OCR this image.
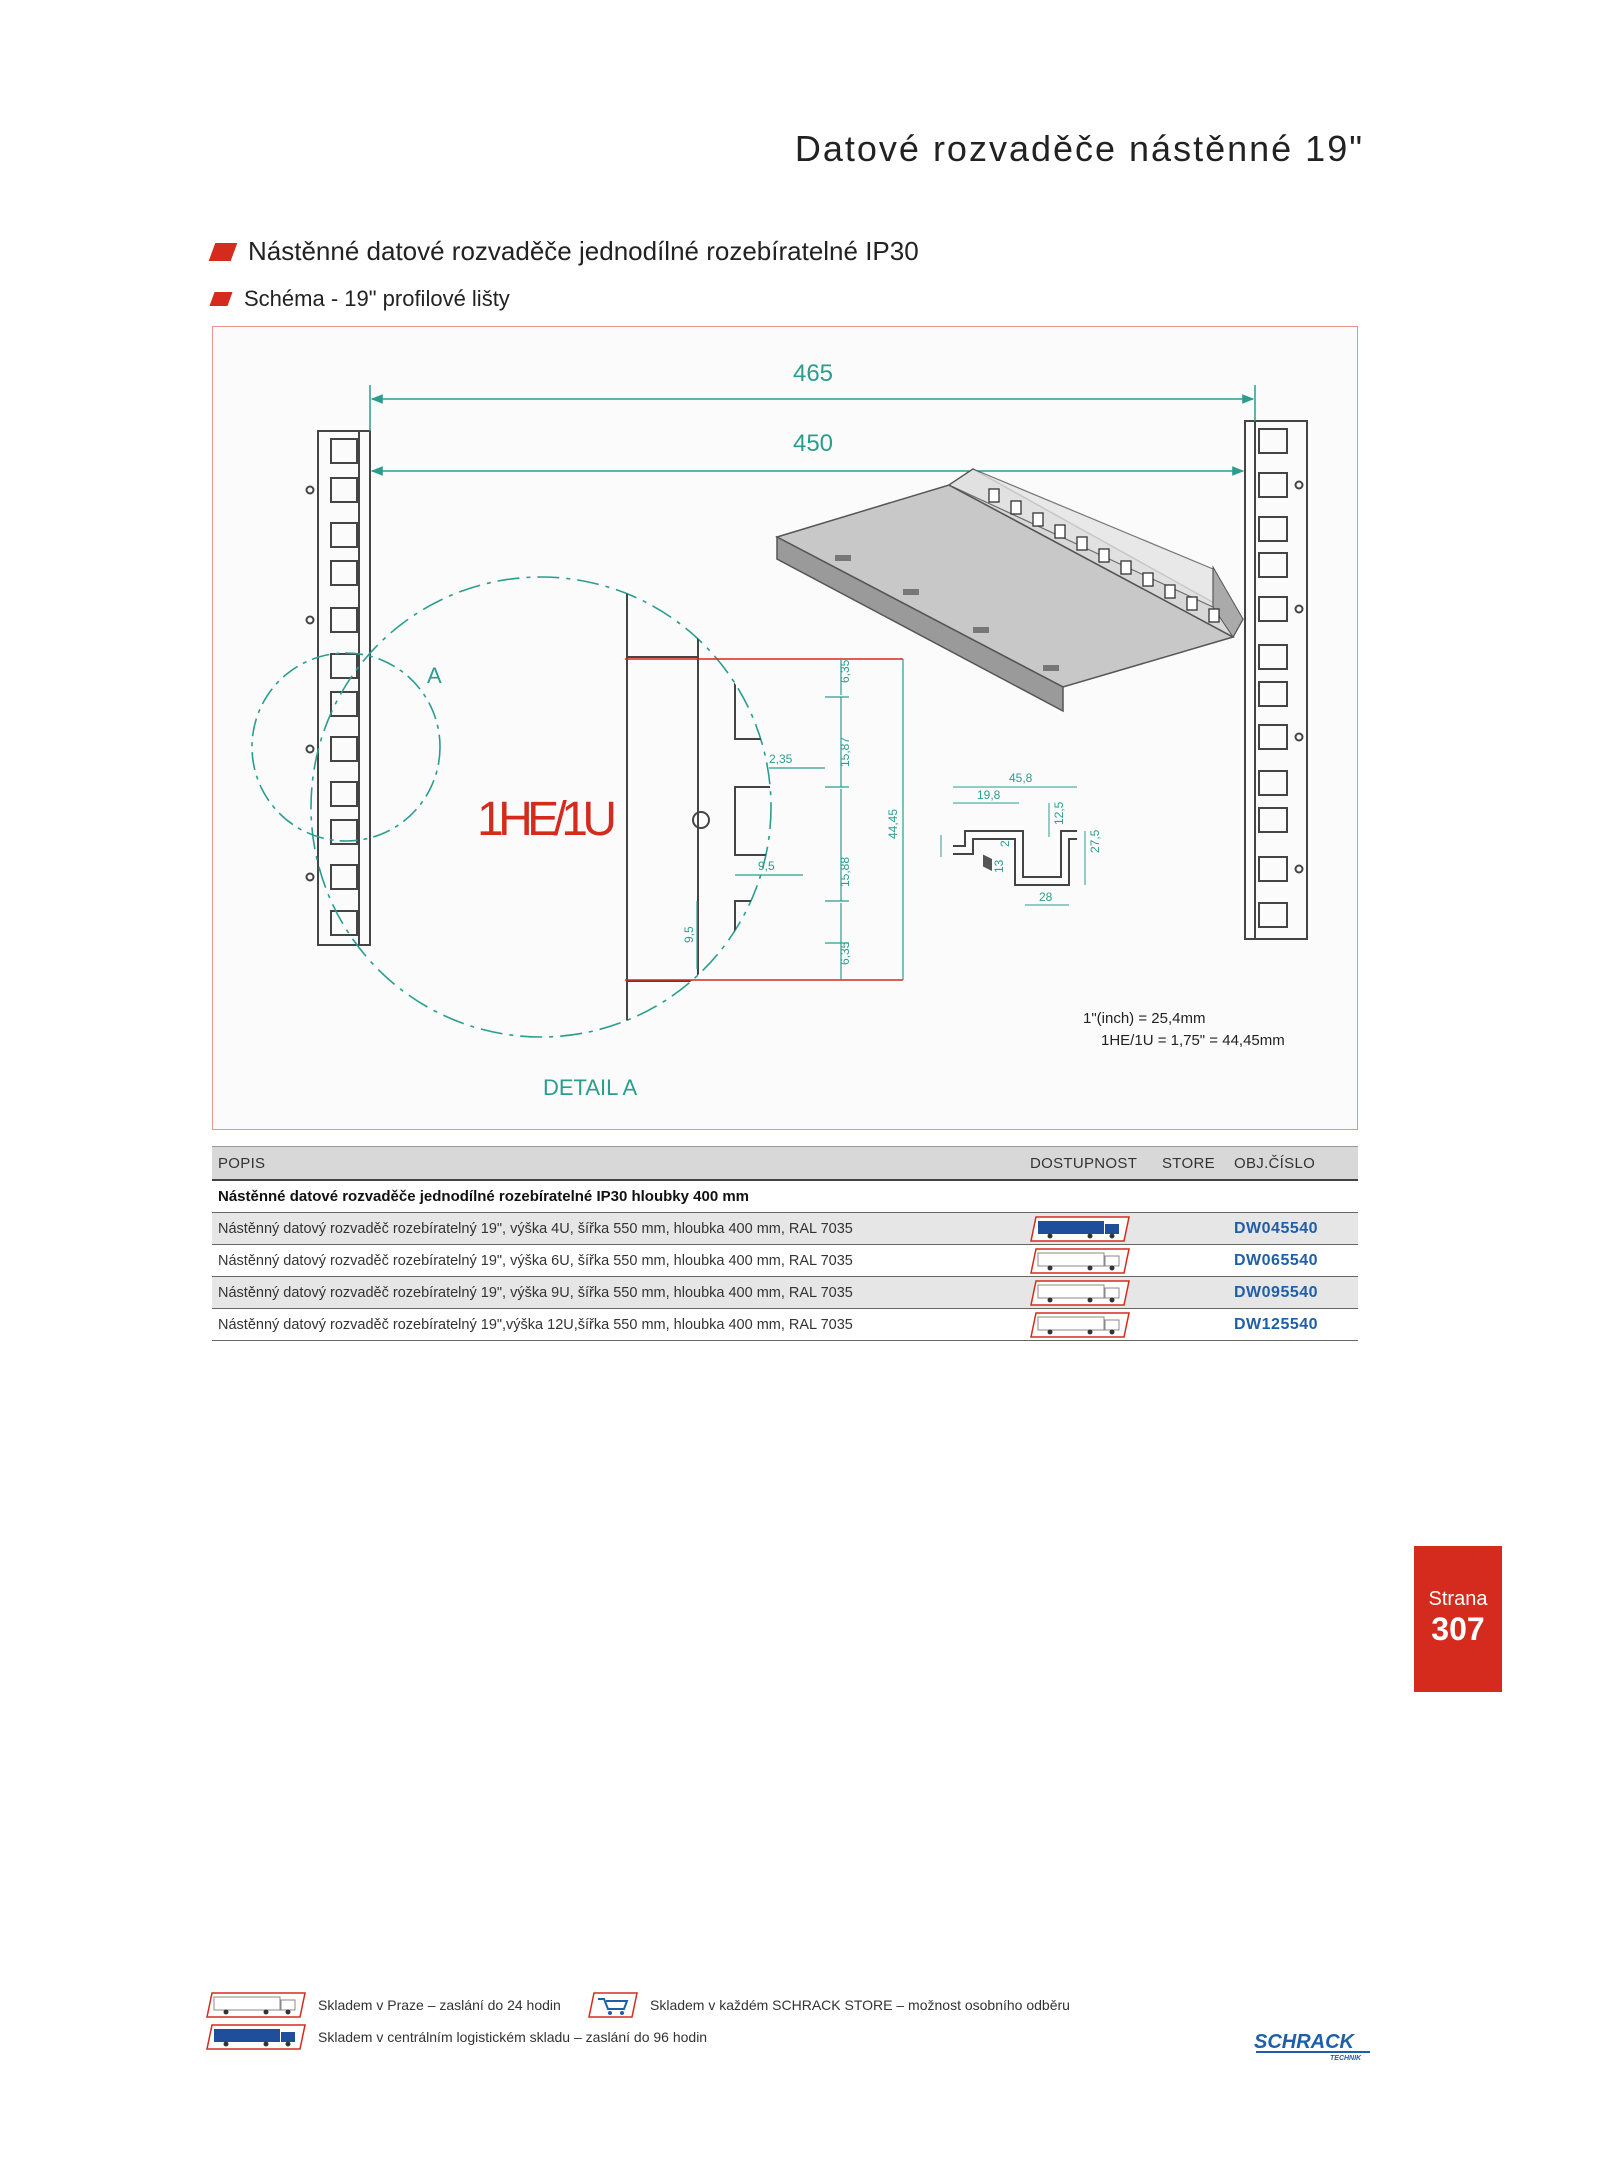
Datové rozvaděče nástěnné 19"
Nástěnné datové rozvaděče jednodílné rozebíratelné IP30
Schéma - 19" profilové lišty
465
450
A	6,35
15,87
2,35
44,45
9,5	15,88
9,5
6,35
1HE/1U
DETAIL A
45,8
19,8
12,5
27,5
2
13
28
1"(inch) = 25,4mm
1HE/1U = 1,75" = 44,45mm
POPIS	DOSTUPNOST	STORE	OBJ.ČÍSLO
Nástěnné datové rozvaděče jednodílné rozebíratelné IP30 hloubky 400 mm			
Nástěnný datový rozvaděč rozebíratelný 19", výška 4U, šířka 550 mm, hloubka 400 mm, RAL 7035			DW045540
Nástěnný datový rozvaděč rozebíratelný 19", výška 6U, šířka 550 mm, hloubka 400 mm, RAL 7035			DW065540
Nástěnný datový rozvaděč rozebíratelný 19", výška 9U, šířka 550 mm, hloubka 400 mm, RAL 7035			DW095540
Nástěnný datový rozvaděč rozebíratelný 19",výška 12U,šířka 550 mm, hloubka 400 mm, RAL 7035			DW125540
Strana
307
Skladem v Praze – zaslání do 24 hodin	Skladem v každém SCHRACK STORE – možnost osobního odběru
Skladem v centrálním logistickém skladu – zaslání do 96 hodin	SCHRACK
TECHNIK
